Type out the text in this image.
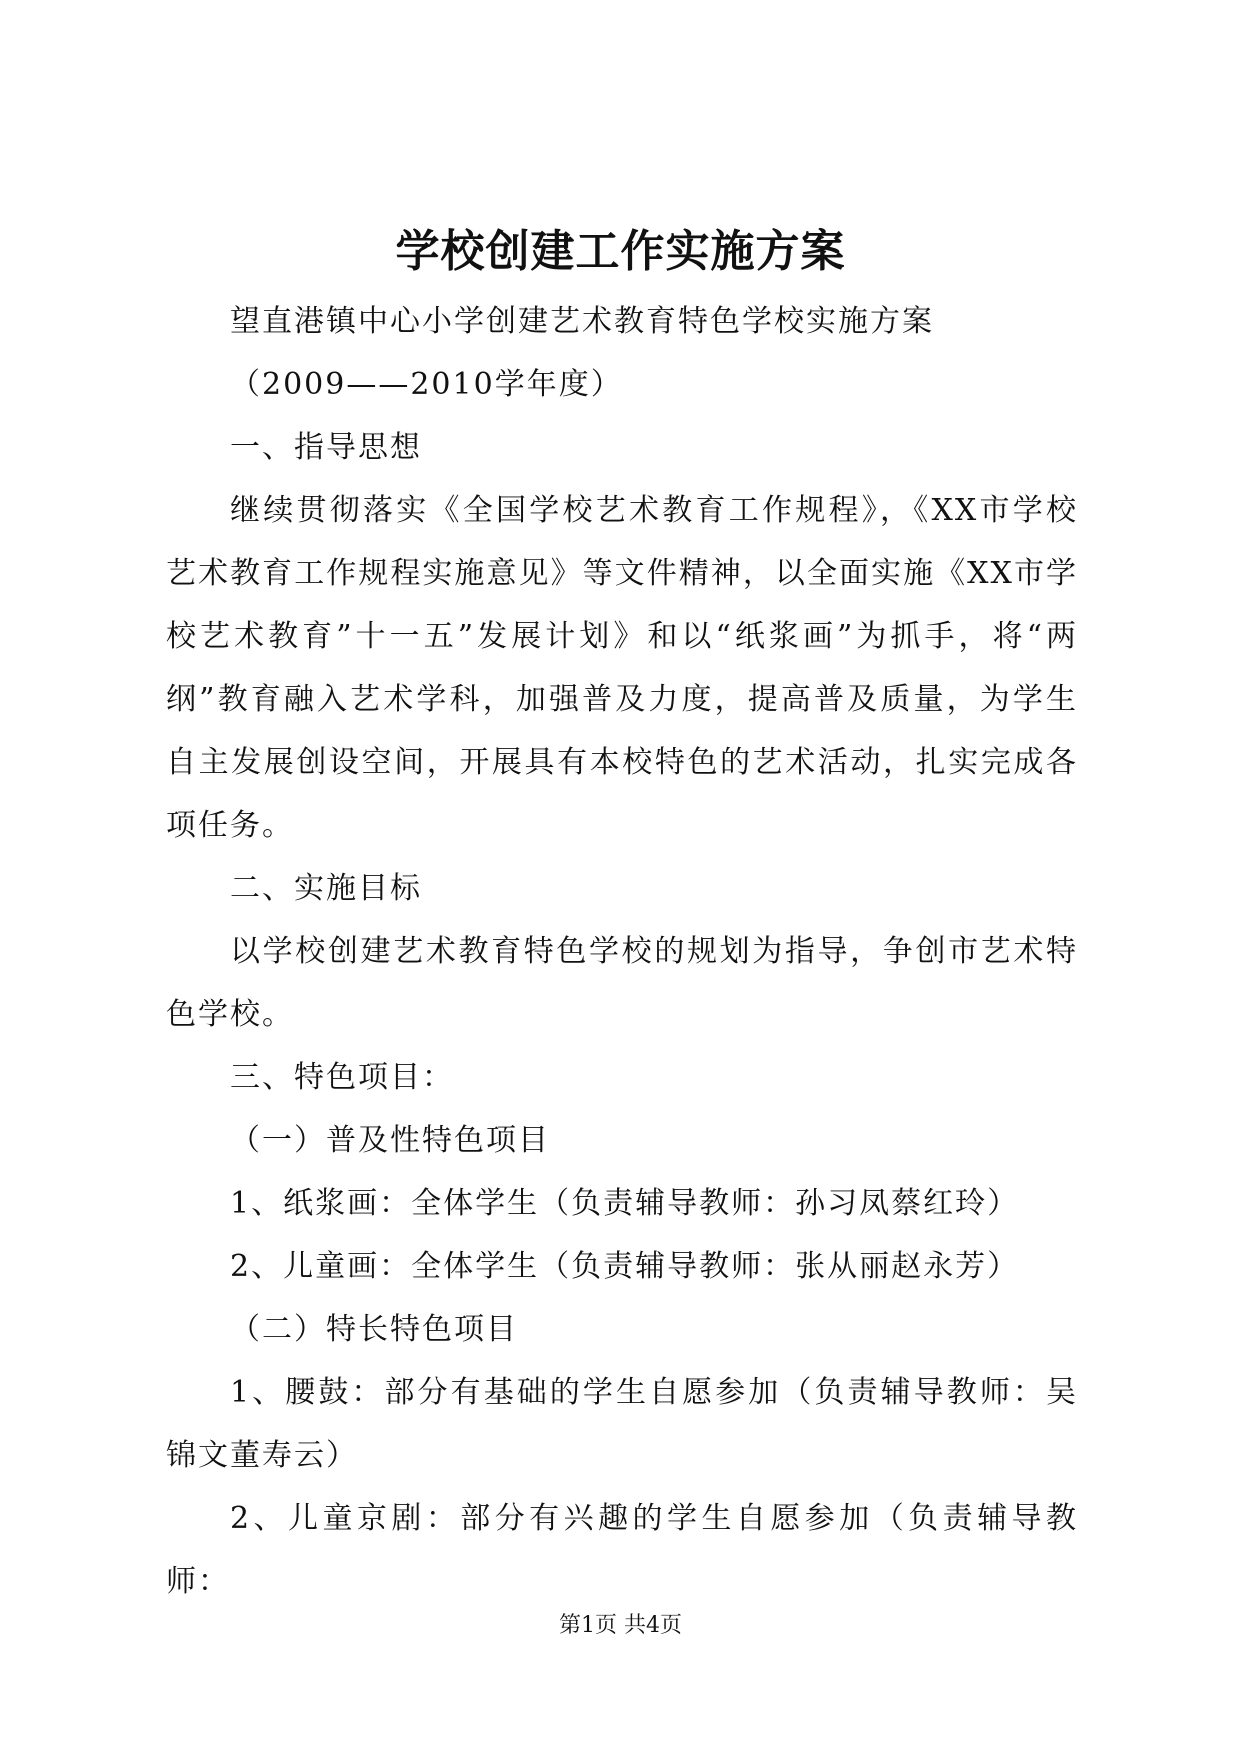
学校创建工作实施方案

望直港镇中心小学创建艺术教育特色学校实施方案

（2009——2010学年度）

一、指导思想

继续贯彻落实《全国学校艺术教育工作规程》，《XX市学校艺术教育工作规程实施意见》等文件精神，以全面实施《XX市学校艺术教育”十一五”发展计划》和以“纸浆画”为抓手，将“两纲”教育融入艺术学科，加强普及力度，提高普及质量，为学生自主发展创设空间，开展具有本校特色的艺术活动，扎实完成各项任务。

二、实施目标

以学校创建艺术教育特色学校的规划为指导，争创市艺术特色学校。

三、特色项目：

（一）普及性特色项目

1、纸浆画：全体学生（负责辅导教师：孙习凤蔡红玲）

2、儿童画：全体学生（负责辅导教师：张从丽赵永芳）

（二）特长特色项目

1、腰鼓：部分有基础的学生自愿参加（负责辅导教师：吴锦文董寿云）

2、儿童京剧：部分有兴趣的学生自愿参加（负责辅导教师：

第1页 共4页
